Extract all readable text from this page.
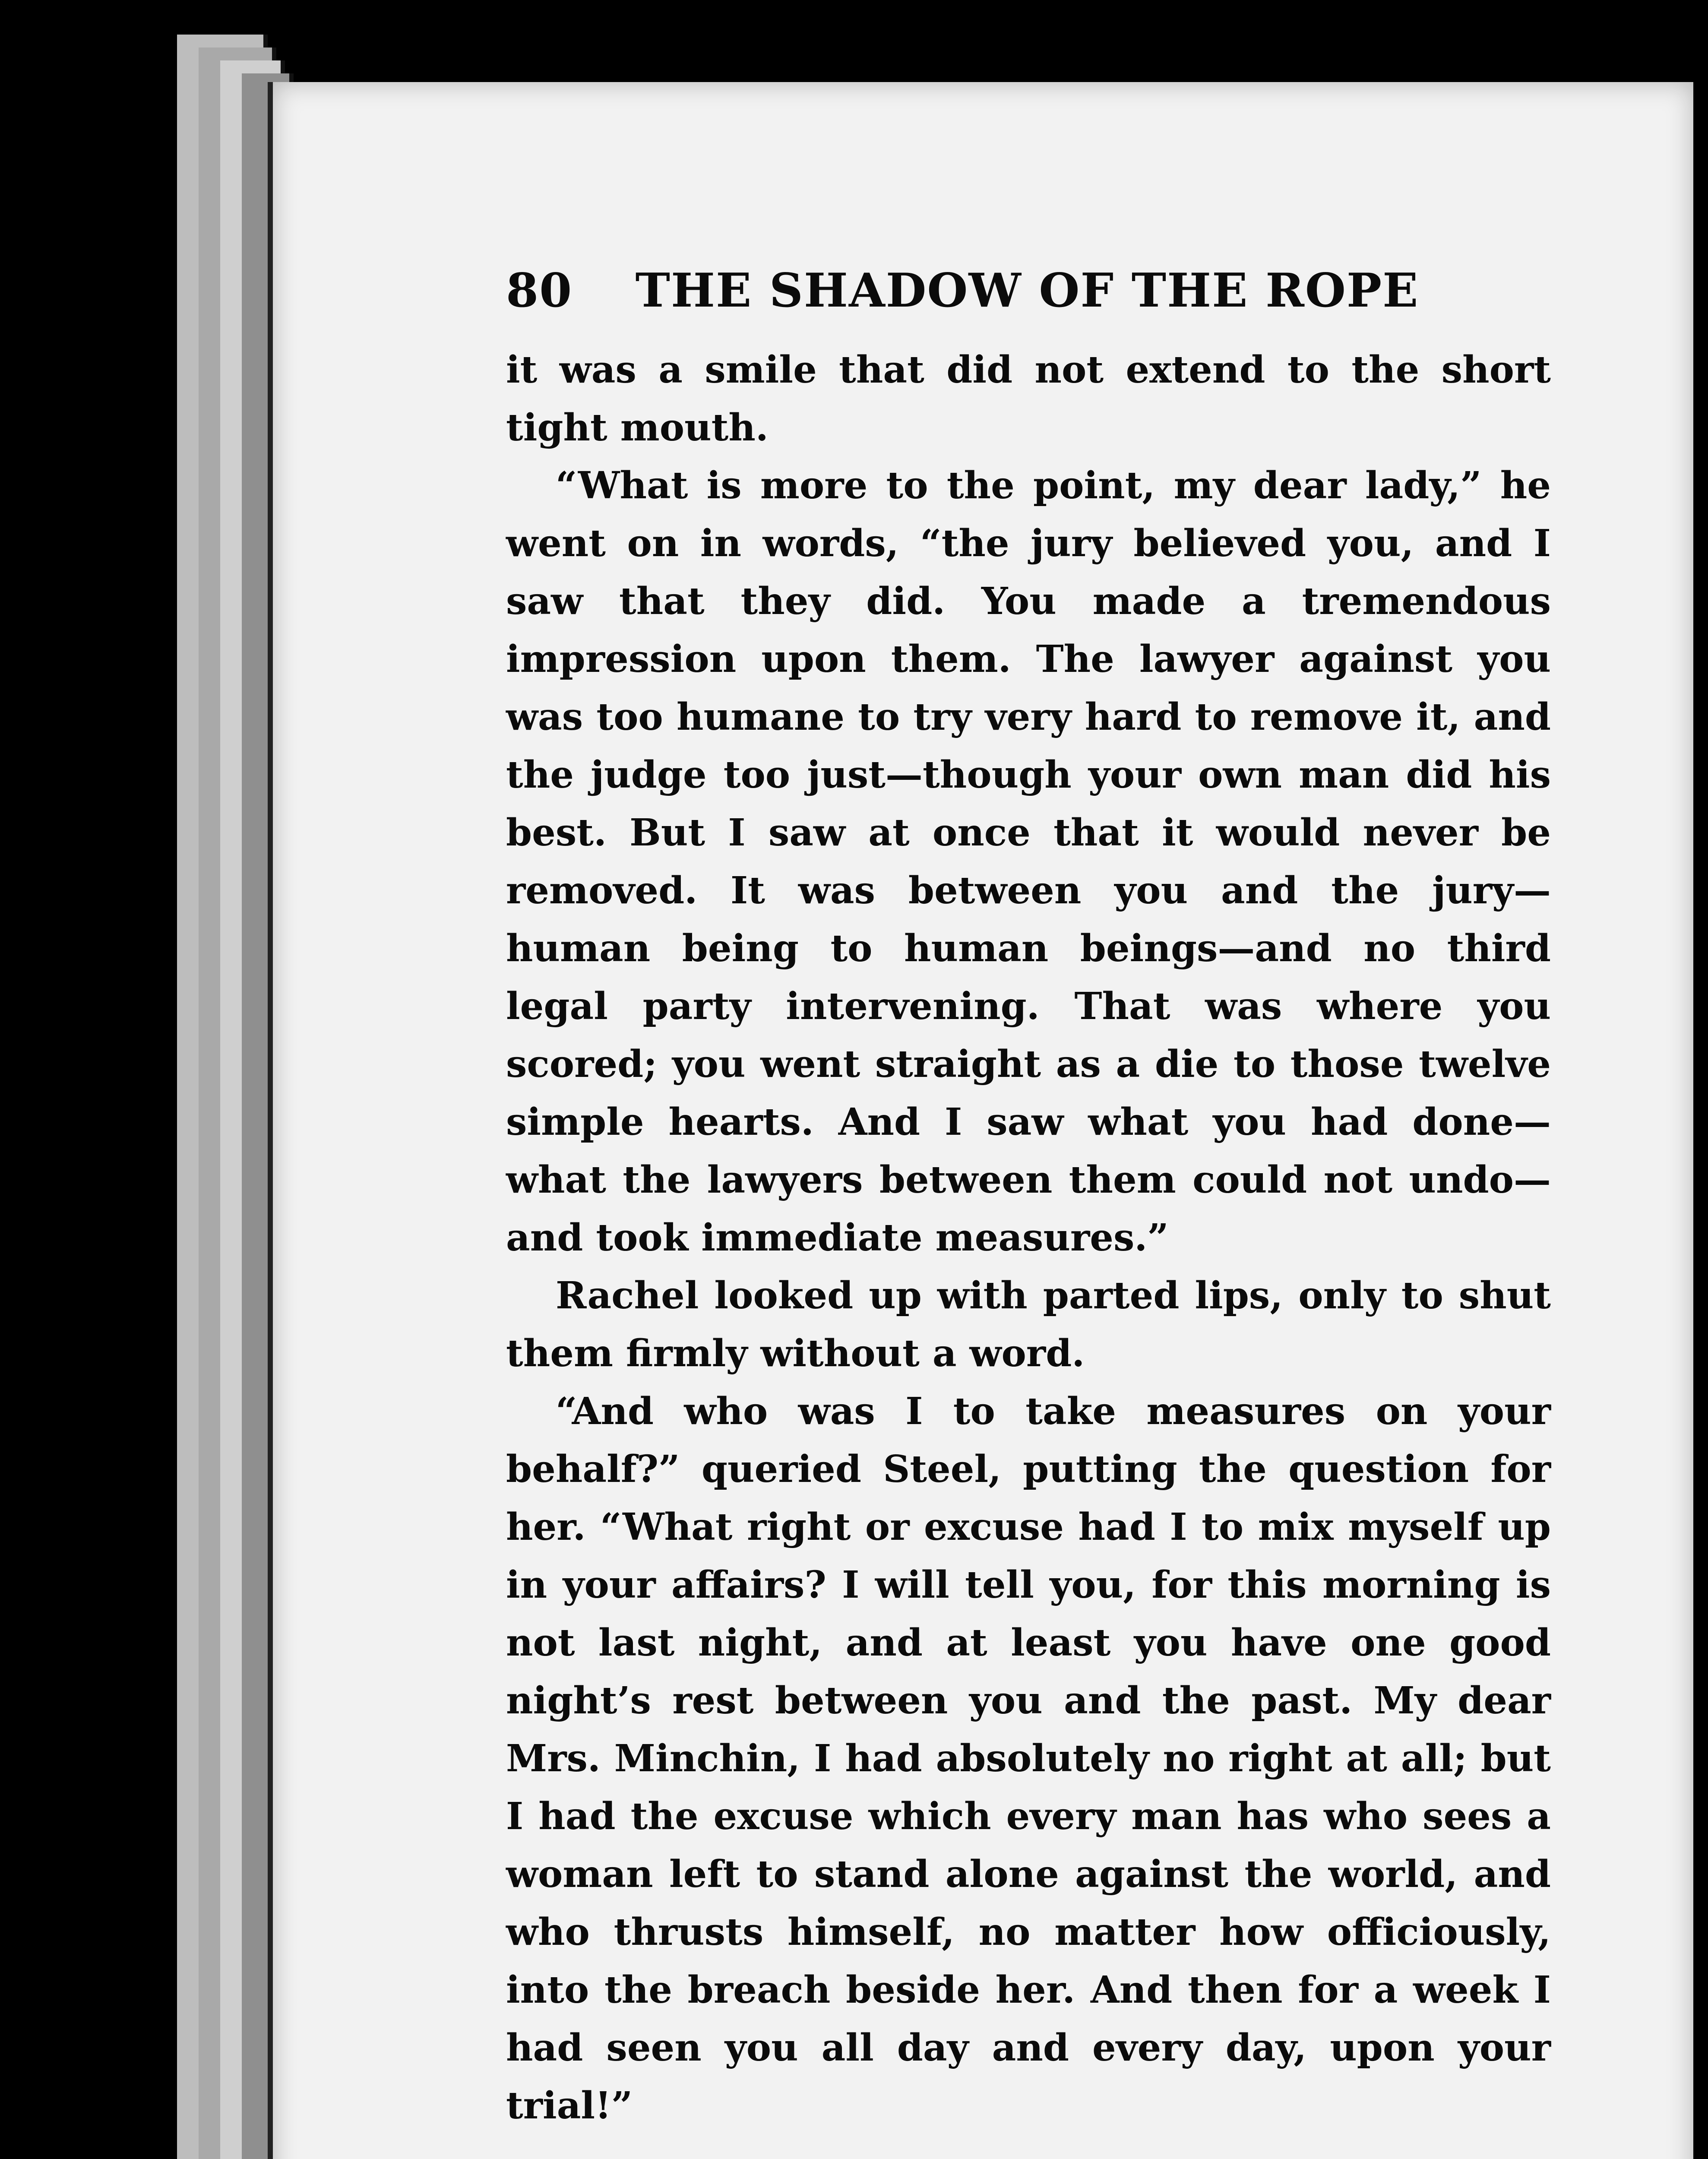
80 THE SHADOW OF THE ROPE

it was a smile that did not extend to the short tight mouth.

“What is more to the point, my dear lady,” he went on in words, “the jury believed you, and I saw that they did. You made a tremendous impression upon them. The lawyer against you was too humane to try very hard to remove it, and the judge too just—though your own man did his best. But I saw at once that it would never be removed. It was between you and the jury—human being to human beings—and no third legal party intervening. That was where you scored; you went straight as a die to those twelve simple hearts. And I saw what you had done—what the lawyers between them could not undo—and took immediate measures.”

Rachel looked up with parted lips, only to shut them firmly without a word.

“And who was I to take measures on your behalf?” queried Steel, putting the question for her. “What right or excuse had I to mix myself up in your affairs? I will tell you, for this morning is not last night, and at least you have one good night’s rest between you and the past. My dear Mrs. Minchin, I had absolutely no right at all; but I had the excuse which every man has who sees a woman left to stand alone against the world, and who thrusts himself, no matter how officiously, into the breach beside her. And then for a week I had seen you all day and every day, upon your trial!”
